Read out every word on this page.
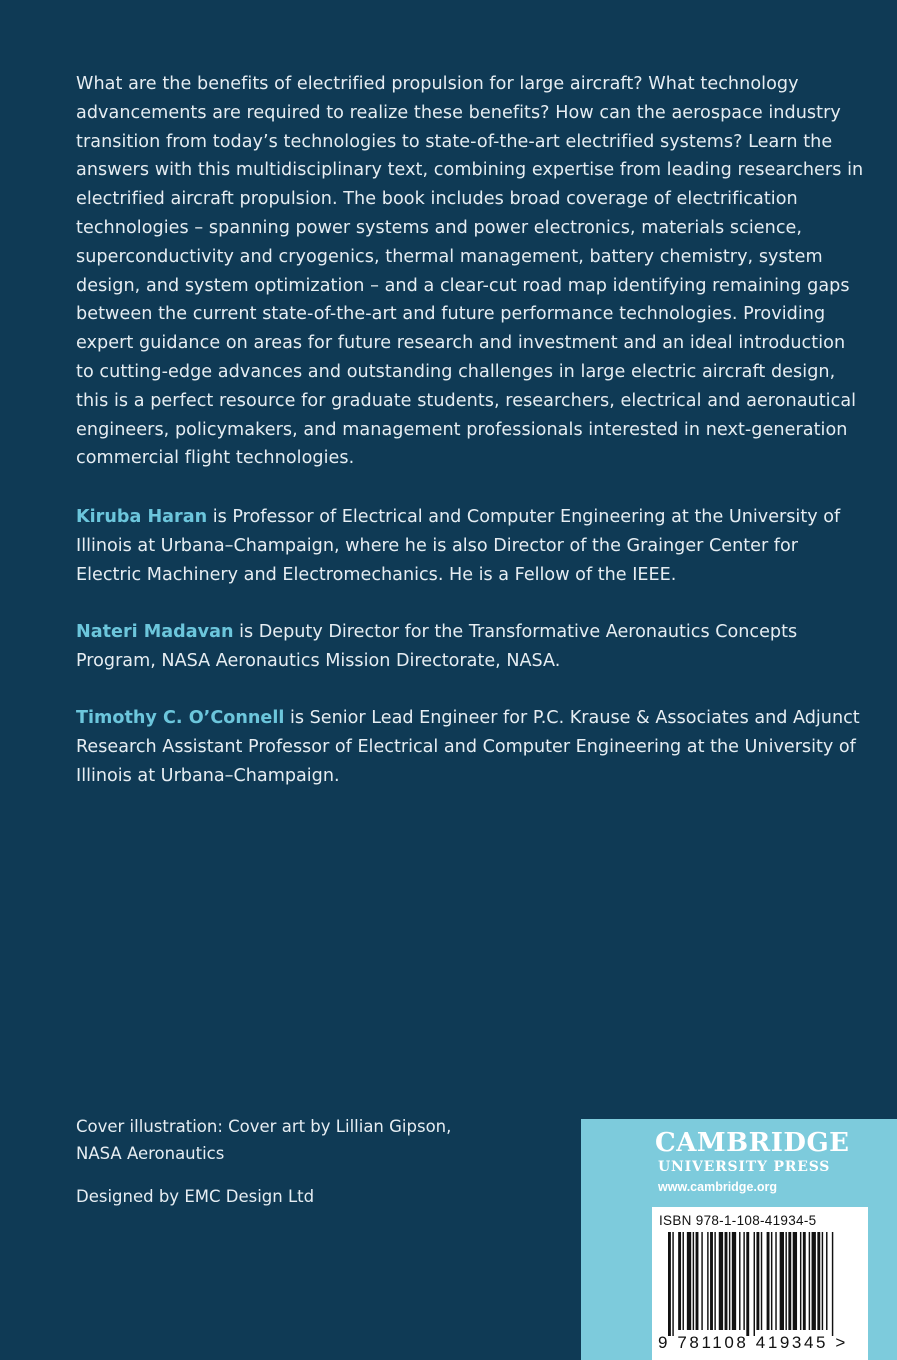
What are the benefits of electrified propulsion for large aircraft? What technology advancements are required to realize these benefits? How can the aerospace industry transition from today’s technologies to state-of-the-art electrified systems? Learn the answers with this multidisciplinary text, combining expertise from leading researchers in electrified aircraft propulsion. The book includes broad coverage of electrification technologies – spanning power systems and power electronics, materials science, superconductivity and cryogenics, thermal management, battery chemistry, system design, and system optimization – and a clear-cut road map identifying remaining gaps between the current state-of-the-art and future performance technologies. Providing expert guidance on areas for future research and investment and an ideal introduction to cutting-edge advances and outstanding challenges in large electric aircraft design, this is a perfect resource for graduate students, researchers, electrical and aeronautical engineers, policymakers, and management professionals interested in next-generation commercial flight technologies.

Kiruba Haran is Professor of Electrical and Computer Engineering at the University of Illinois at Urbana–Champaign, where he is also Director of the Grainger Center for Electric Machinery and Electromechanics. He is a Fellow of the IEEE.

Nateri Madavan is Deputy Director for the Transformative Aeronautics Concepts Program, NASA Aeronautics Mission Directorate, NASA.

Timothy C. O’Connell is Senior Lead Engineer for P.C. Krause & Associates and Adjunct Research Assistant Professor of Electrical and Computer Engineering at the University of Illinois at Urbana–Champaign.

Cover illustration: Cover art by Lillian Gipson, NASA Aeronautics

Designed by EMC Design Ltd

CAMBRIDGE

UNIVERSITY PRESS

www.cambridge.org

ISBN 978-1-108-41934-5

9 781108 419345 >
